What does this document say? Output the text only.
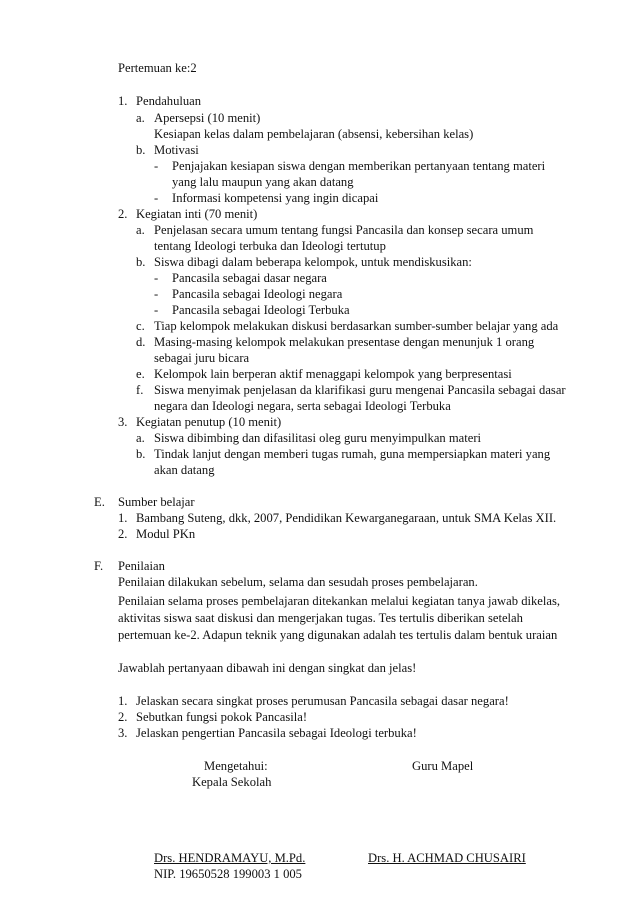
Pertemuan ke:2
1. Pendahuluan
a. Apersepsi (10 menit)
Kesiapan kelas dalam pembelajaran (absensi, kebersihan kelas)
b. Motivasi
- Penjajakan kesiapan siswa dengan memberikan pertanyaan tentang materi
yang lalu maupun yang akan datang
- Informasi kompetensi yang ingin dicapai
2. Kegiatan inti (70 menit)
a. Penjelasan secara umum tentang fungsi Pancasila dan konsep secara umum
tentang Ideologi terbuka dan Ideologi tertutup
b. Siswa dibagi dalam beberapa kelompok, untuk mendiskusikan:
- Pancasila sebagai dasar negara
- Pancasila sebagai Ideologi negara
- Pancasila sebagai Ideologi Terbuka
c. Tiap kelompok melakukan diskusi berdasarkan sumber-sumber belajar yang ada
d. Masing-masing kelompok melakukan presentase dengan menunjuk 1 orang
sebagai juru bicara
e. Kelompok lain berperan aktif menaggapi kelompok yang berpresentasi
f. Siswa menyimak penjelasan da klarifikasi guru mengenai Pancasila sebagai dasar
negara dan Ideologi negara, serta sebagai Ideologi Terbuka
3. Kegiatan penutup (10 menit)
a. Siswa dibimbing dan difasilitasi oleg guru menyimpulkan materi
b. Tindak lanjut dengan memberi tugas rumah, guna mempersiapkan materi yang
akan datang
E. Sumber belajar
1. Bambang Suteng, dkk, 2007, Pendidikan Kewarganegaraan, untuk SMA Kelas XII.
2. Modul PKn
F. Penilaian
Penilaian dilakukan sebelum, selama dan sesudah proses pembelajaran.
Penilaian selama proses pembelajaran ditekankan melalui kegiatan tanya jawab dikelas,
aktivitas siswa saat diskusi dan mengerjakan tugas. Tes tertulis diberikan setelah
pertemuan ke-2. Adapun teknik yang digunakan adalah tes tertulis dalam bentuk uraian
Jawablah pertanyaan dibawah ini dengan singkat dan jelas!
1. Jelaskan secara singkat proses perumusan Pancasila sebagai dasar negara!
2. Sebutkan fungsi pokok Pancasila!
3. Jelaskan pengertian Pancasila sebagai Ideologi terbuka!
Mengetahui:
Kepala Sekolah
Guru Mapel
Drs. HENDRAMAYU, M.Pd.
NIP. 19650528 199003 1 005
Drs. H. ACHMAD CHUSAIRI
